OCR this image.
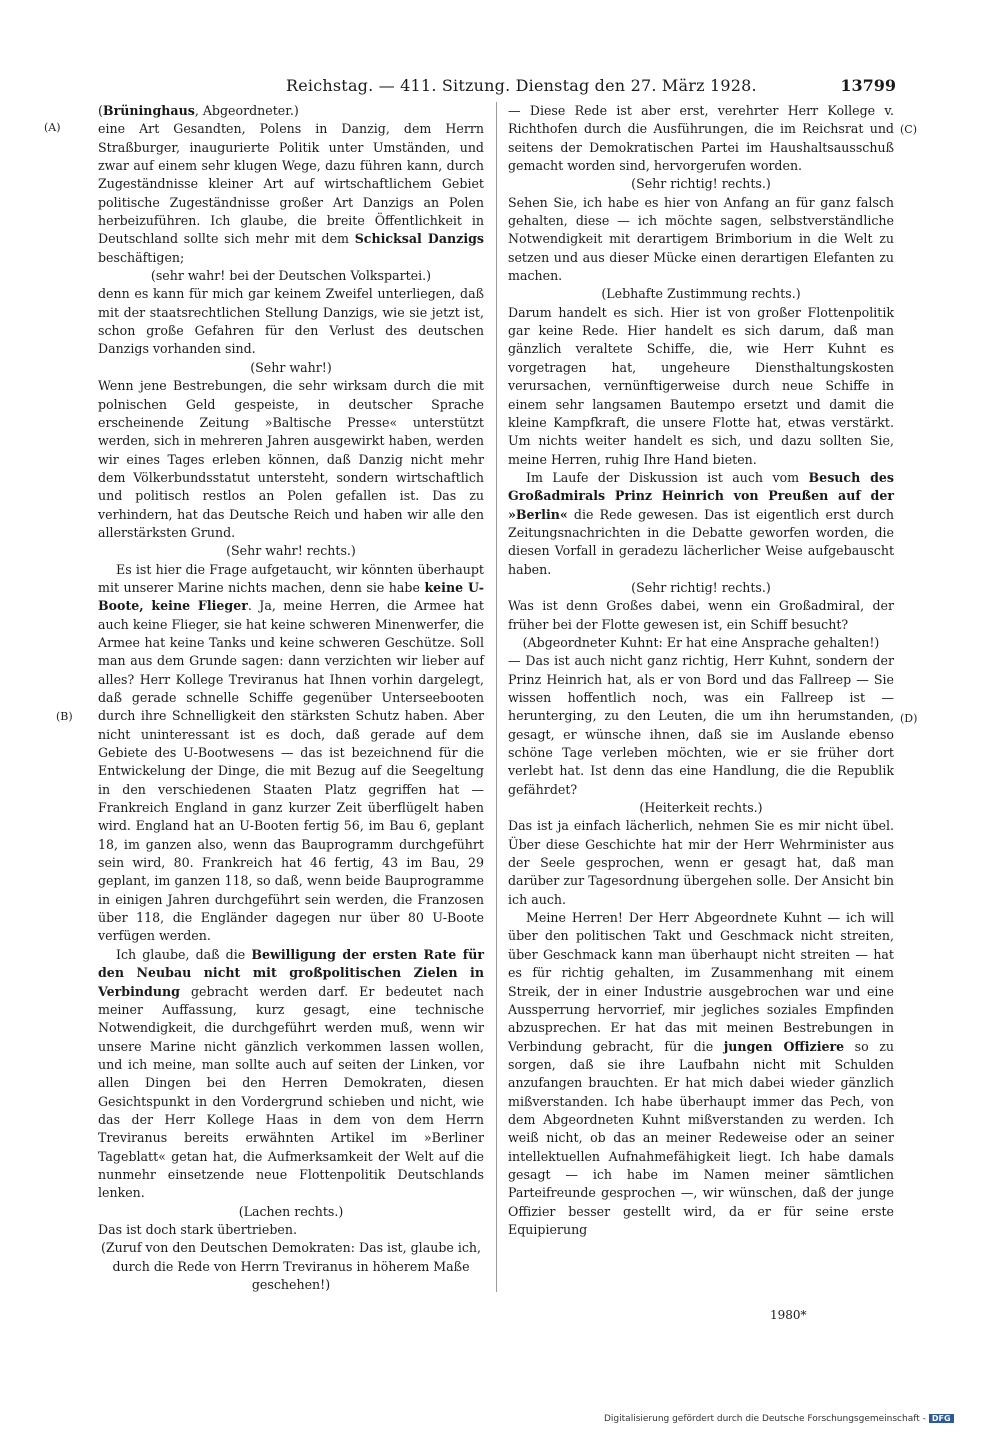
Reichstag. — 411. Sitzung. Dienstag den 27. März 1928.	13799
(A)
(B)
(C)
(D)

(Brüninghaus, Abgeordneter.)

eine Art Gesandten, Polens in Danzig, dem Herrn Straßburger, inaugurierte Politik unter Umständen, und zwar auf einem sehr klugen Wege, dazu führen kann, durch Zugeständnisse kleiner Art auf wirtschaftlichem Gebiet politische Zugeständnisse großer Art Danzigs an Polen herbeizuführen. Ich glaube, die breite Öffentlichkeit in Deutschland sollte sich mehr mit dem Schicksal Danzigs beschäftigen;

(sehr wahr! bei der Deutschen Volkspartei.)

denn es kann für mich gar keinem Zweifel unterliegen, daß mit der staatsrechtlichen Stellung Danzigs, wie sie jetzt ist, schon große Gefahren für den Verlust des deutschen Danzigs vorhanden sind.

(Sehr wahr!)

Wenn jene Bestrebungen, die sehr wirksam durch die mit polnischen Geld gespeiste, in deutscher Sprache erscheinende Zeitung »Baltische Presse« unterstützt werden, sich in mehreren Jahren ausgewirkt haben, werden wir eines Tages erleben können, daß Danzig nicht mehr dem Völkerbundsstatut untersteht, sondern wirtschaftlich und politisch restlos an Polen gefallen ist. Das zu verhindern, hat das Deutsche Reich und haben wir alle den allerstärksten Grund.

(Sehr wahr! rechts.)

Es ist hier die Frage aufgetaucht, wir könnten überhaupt mit unserer Marine nichts machen, denn sie habe keine U-Boote, keine Flieger. Ja, meine Herren, die Armee hat auch keine Flieger, sie hat keine schweren Minenwerfer, die Armee hat keine Tanks und keine schweren Geschütze. Soll man aus dem Grunde sagen: dann verzichten wir lieber auf alles? Herr Kollege Treviranus hat Ihnen vorhin dargelegt, daß gerade schnelle Schiffe gegenüber Unterseebooten durch ihre Schnelligkeit den stärksten Schutz haben. Aber nicht uninteressant ist es doch, daß gerade auf dem Gebiete des U-Bootwesens — das ist bezeichnend für die Entwickelung der Dinge, die mit Bezug auf die Seegeltung in den verschiedenen Staaten Platz gegriffen hat — Frankreich England in ganz kurzer Zeit überflügelt haben wird. England hat an U-Booten fertig 56, im Bau 6, geplant 18, im ganzen also, wenn das Bauprogramm durchgeführt sein wird, 80. Frankreich hat 46 fertig, 43 im Bau, 29 geplant, im ganzen 118, so daß, wenn beide Bauprogramme in einigen Jahren durchgeführt sein werden, die Franzosen über 118, die Engländer dagegen nur über 80 U-Boote verfügen werden.

Ich glaube, daß die Bewilligung der ersten Rate für den Neubau nicht mit großpolitischen Zielen in Verbindung gebracht werden darf. Er bedeutet nach meiner Auffassung, kurz gesagt, eine technische Notwendigkeit, die durchgeführt werden muß, wenn wir unsere Marine nicht gänzlich verkommen lassen wollen, und ich meine, man sollte auch auf seiten der Linken, vor allen Dingen bei den Herren Demokraten, diesen Gesichtspunkt in den Vordergrund schieben und nicht, wie das der Herr Kollege Haas in dem von dem Herrn Treviranus bereits erwähnten Artikel im »Berliner Tageblatt« getan hat, die Aufmerksamkeit der Welt auf die nunmehr einsetzende neue Flottenpolitik Deutschlands lenken.

(Lachen rechts.)

Das ist doch stark übertrieben.

(Zuruf von den Deutschen Demokraten: Das ist, glaube ich, durch die Rede von Herrn Treviranus in höherem Maße geschehen!)

— Diese Rede ist aber erst, verehrter Herr Kollege v. Richthofen durch die Ausführungen, die im Reichsrat und seitens der Demokratischen Partei im Haushaltsausschuß gemacht worden sind, hervorgerufen worden.

(Sehr richtig! rechts.)

Sehen Sie, ich habe es hier von Anfang an für ganz falsch gehalten, diese — ich möchte sagen, selbstverständliche Notwendigkeit mit derartigem Brimborium in die Welt zu setzen und aus dieser Mücke einen derartigen Elefanten zu machen.

(Lebhafte Zustimmung rechts.)

Darum handelt es sich. Hier ist von großer Flottenpolitik gar keine Rede. Hier handelt es sich darum, daß man gänzlich veraltete Schiffe, die, wie Herr Kuhnt es vorgetragen hat, ungeheure Diensthaltungskosten verursachen, vernünftigerweise durch neue Schiffe in einem sehr langsamen Bautempo ersetzt und damit die kleine Kampfkraft, die unsere Flotte hat, etwas verstärkt. Um nichts weiter handelt es sich, und dazu sollten Sie, meine Herren, ruhig Ihre Hand bieten.

Im Laufe der Diskussion ist auch vom Besuch des Großadmirals Prinz Heinrich von Preußen auf der »Berlin« die Rede gewesen. Das ist eigentlich erst durch Zeitungsnachrichten in die Debatte geworfen worden, die diesen Vorfall in geradezu lächerlicher Weise aufgebauscht haben.

(Sehr richtig! rechts.)

Was ist denn Großes dabei, wenn ein Großadmiral, der früher bei der Flotte gewesen ist, ein Schiff besucht?

(Abgeordneter Kuhnt: Er hat eine Ansprache gehalten!)

— Das ist auch nicht ganz richtig, Herr Kuhnt, sondern der Prinz Heinrich hat, als er von Bord und das Fallreep — Sie wissen hoffentlich noch, was ein Fallreep ist — herunterging, zu den Leuten, die um ihn herumstanden, gesagt, er wünsche ihnen, daß sie im Auslande ebenso schöne Tage verleben möchten, wie er sie früher dort verlebt hat. Ist denn das eine Handlung, die die Republik gefährdet?

(Heiterkeit rechts.)

Das ist ja einfach lächerlich, nehmen Sie es mir nicht übel. Über diese Geschichte hat mir der Herr Wehrminister aus der Seele gesprochen, wenn er gesagt hat, daß man darüber zur Tagesordnung übergehen solle. Der Ansicht bin ich auch.

Meine Herren! Der Herr Abgeordnete Kuhnt — ich will über den politischen Takt und Geschmack nicht streiten, über Geschmack kann man überhaupt nicht streiten — hat es für richtig gehalten, im Zusammenhang mit einem Streik, der in einer Industrie ausgebrochen war und eine Aussperrung hervorrief, mir jegliches soziales Empfinden abzusprechen. Er hat das mit meinen Bestrebungen in Verbindung gebracht, für die jungen Offiziere so zu sorgen, daß sie ihre Laufbahn nicht mit Schulden anzufangen brauchten. Er hat mich dabei wieder gänzlich mißverstanden. Ich habe überhaupt immer das Pech, von dem Abgeordneten Kuhnt mißverstanden zu werden. Ich weiß nicht, ob das an meiner Redeweise oder an seiner intellektuellen Aufnahmefähigkeit liegt. Ich habe damals gesagt — ich habe im Namen meiner sämtlichen Parteifreunde gesprochen —, wir wünschen, daß der junge Offizier besser gestellt wird, da er für seine erste Equipierung

1980*
Digitalisierung gefördert durch die Deutsche Forschungsgemeinschaft - DFG
